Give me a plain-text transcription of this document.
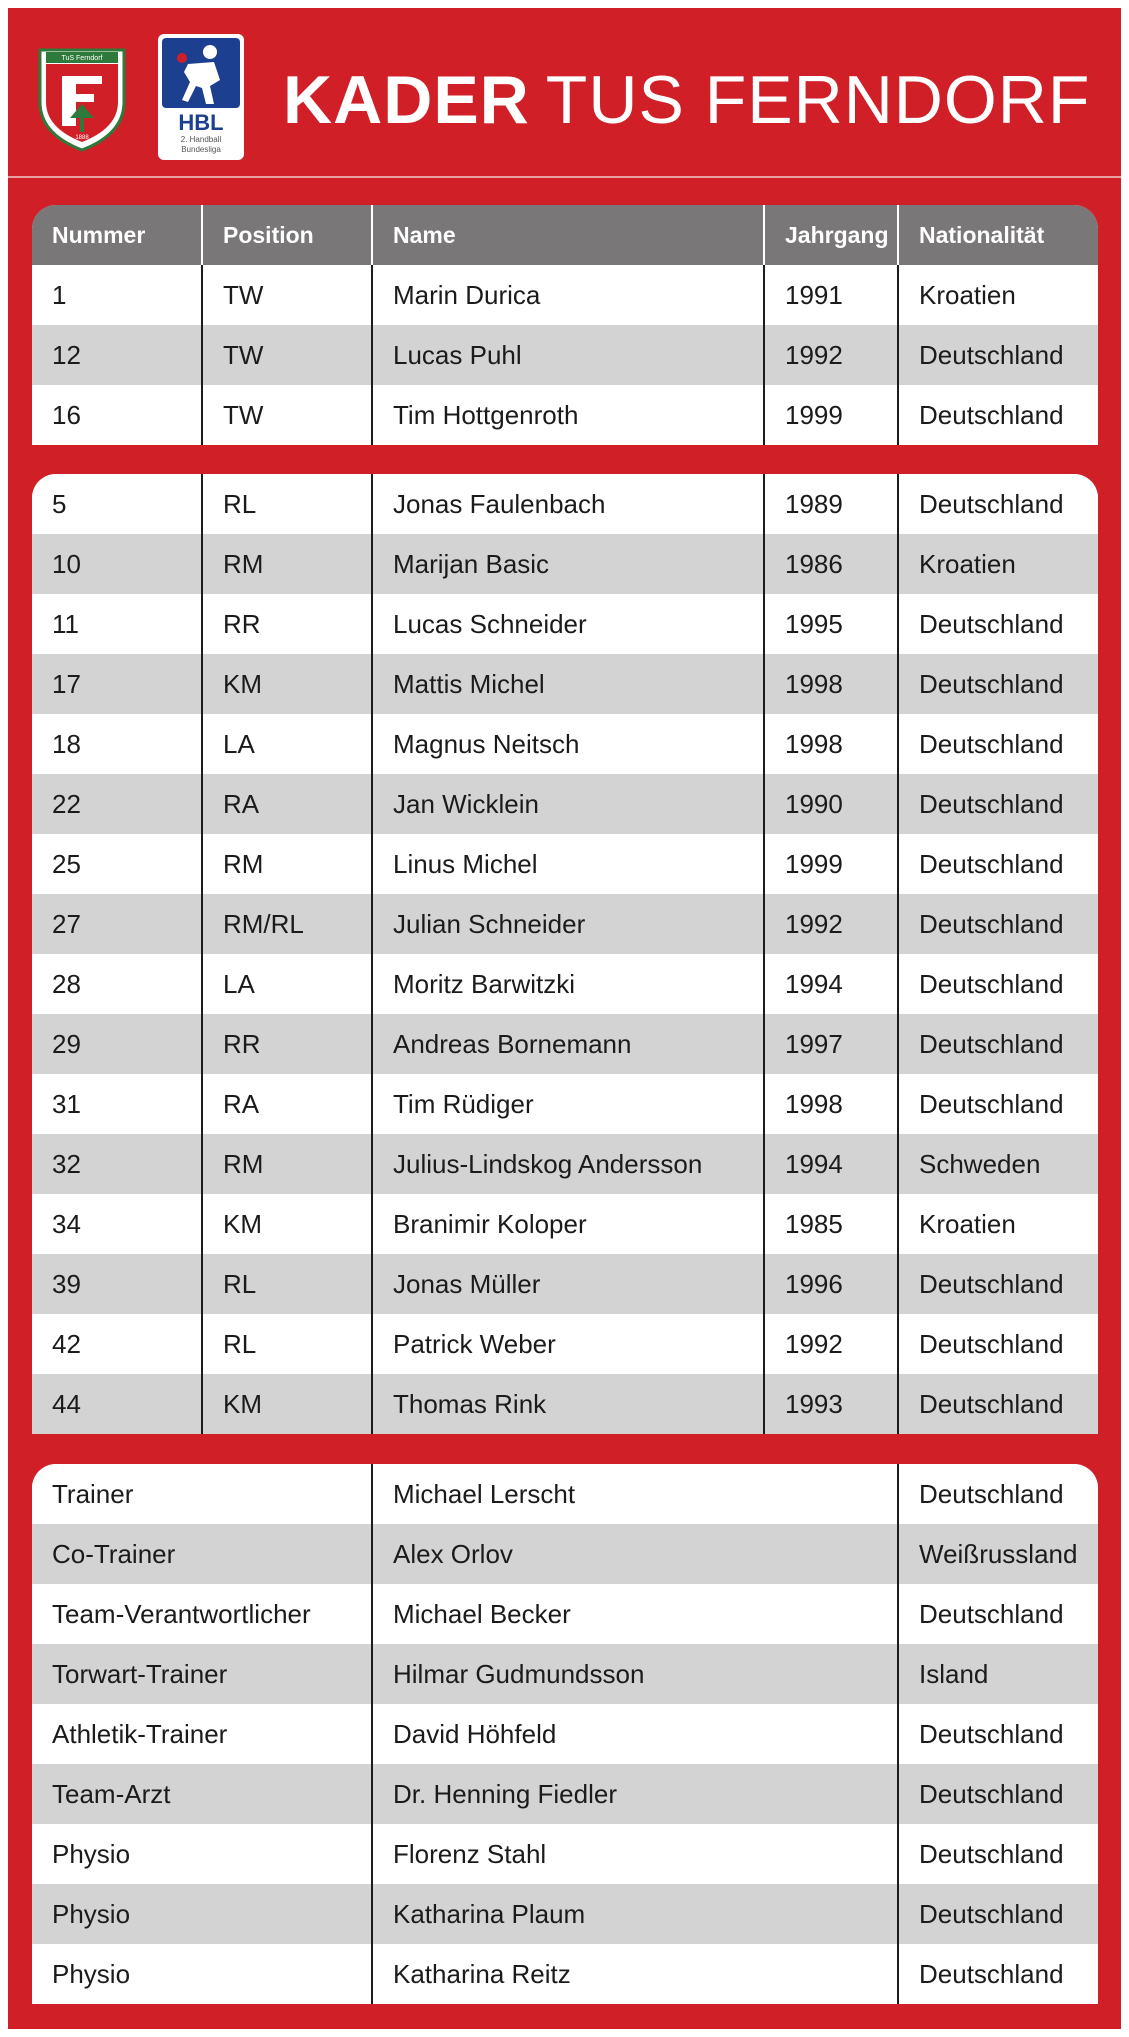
TuS Ferndorf
1888
HBL
2. Handball
Bundesliga
KADER TUS FERNDORF
Nummer	Position	Name	Jahrgang	Nationalität
1	TW	Marin Durica	1991	Kroatien
12	TW	Lucas Puhl	1992	Deutschland
16	TW	Tim Hottgenroth	1999	Deutschland
5	RL	Jonas Faulenbach	1989	Deutschland
10	RM	Marijan Basic	1986	Kroatien
11	RR	Lucas Schneider	1995	Deutschland
17	KM	Mattis Michel	1998	Deutschland
18	LA	Magnus Neitsch	1998	Deutschland
22	RA	Jan Wicklein	1990	Deutschland
25	RM	Linus Michel	1999	Deutschland
27	RM/RL	Julian Schneider	1992	Deutschland
28	LA	Moritz Barwitzki	1994	Deutschland
29	RR	Andreas Bornemann	1997	Deutschland
31	RA	Tim Rüdiger	1998	Deutschland
32	RM	Julius-Lindskog Andersson	1994	Schweden
34	KM	Branimir Koloper	1985	Kroatien
39	RL	Jonas Müller	1996	Deutschland
42	RL	Patrick Weber	1992	Deutschland
44	KM	Thomas Rink	1993	Deutschland
Trainer	Michael Lerscht	Deutschland
Co-Trainer	Alex Orlov	Weißrussland
Team-Verantwortlicher	Michael Becker	Deutschland
Torwart-Trainer	Hilmar Gudmundsson	Island
Athletik-Trainer	David Höhfeld	Deutschland
Team-Arzt	Dr. Henning Fiedler	Deutschland
Physio	Florenz Stahl	Deutschland
Physio	Katharina Plaum	Deutschland
Physio	Katharina Reitz	Deutschland
